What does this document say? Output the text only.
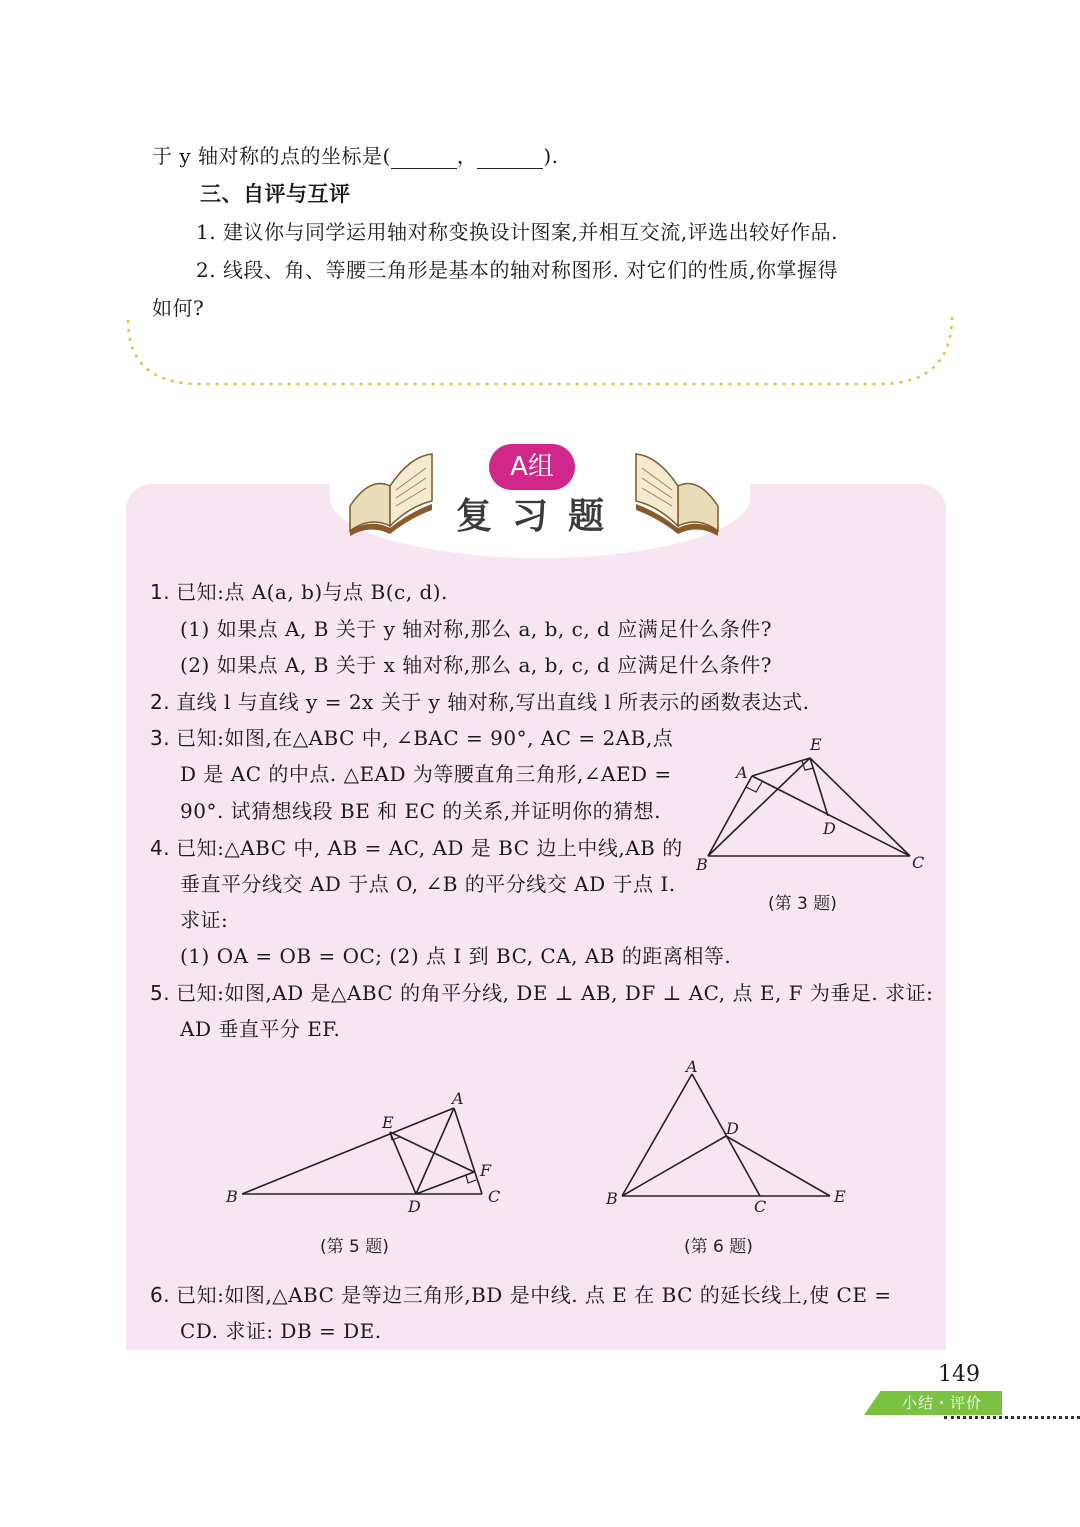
于 y 轴对称的点的坐标是(	，	).
三、自评与互评
1. 建议你与同学运用轴对称变换设计图案,并相互交流,评选出较好作品.
2. 线段、角、等腰三角形是基本的轴对称图形. 对它们的性质,你掌握得
如何?
A组
复习题
1. 已知:点 A(a, b)与点 B(c, d).
(1) 如果点 A, B 关于 y 轴对称,那么 a, b, c, d 应满足什么条件?
(2) 如果点 A, B 关于 x 轴对称,那么 a, b, c, d 应满足什么条件?
2. 直线 l 与直线 y = 2x 关于 y 轴对称,写出直线 l 所表示的函数表达式.
3. 已知:如图,在△ABC 中, ∠BAC = 90°, AC = 2AB,点
D 是 AC 的中点. △EAD 为等腰直角三角形,∠AED =
90°. 试猜想线段 BE 和 EC 的关系,并证明你的猜想.
4. 已知:△ABC 中, AB = AC, AD 是 BC 边上中线,AB 的
垂直平分线交 AD 于点 O, ∠B 的平分线交 AD 于点 I.
求证:
(1) OA = OB = OC; (2) 点 I 到 BC, CA, AB 的距离相等.
5. 已知:如图,AD 是△ABC 的角平分线, DE ⊥ AB, DF ⊥ AC, 点 E, F 为垂足. 求证:
AD 垂直平分 EF.
6. 已知:如图,△ABC 是等边三角形,BD 是中线. 点 E 在 BC 的延长线上,使 CE =
CD. 求证: DB = DE.
E
A
D
B	C
(第 3 题)
A
E
F
B
D
C
(第 5 题)
A
D
B	C
E
(第 6 题)
149
小结・评价
